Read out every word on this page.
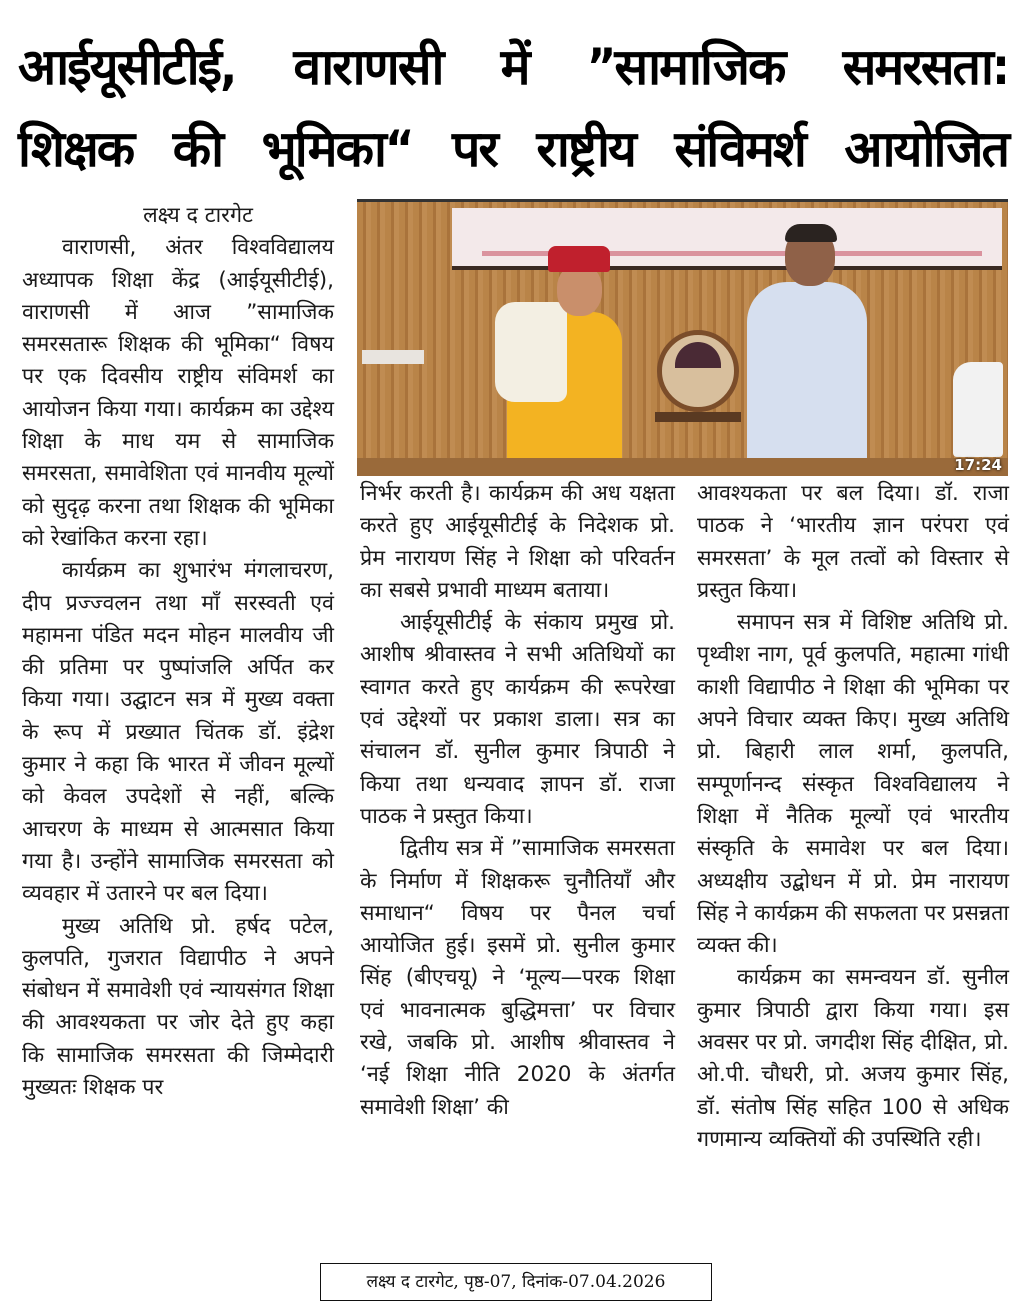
आईयूसीटीई, वाराणसी में ”सामाजिक समरसता:
शिक्षक की भूमिका“ पर राष्ट्रीय संविमर्श आयोजित

लक्ष्य द टारगेट

वाराणसी, अंतर विश्वविद्यालय अध्यापक शिक्षा केंद्र (आईयूसीटीई), वाराणसी में आज ”सामाजिक समरसतारू शिक्षक की भूमिका“ विषय पर एक दिवसीय राष्ट्रीय संविमर्श का आयोजन किया गया। कार्यक्रम का उद्देश्य शिक्षा के माध यम से सामाजिक समरसता, समावेशिता एवं मानवीय मूल्यों को सुदृढ़ करना तथा शिक्षक की भूमिका को रेखांकित करना रहा।

कार्यक्रम का शुभारंभ मंगलाचरण, दीप प्रज्ज्वलन तथा माँ सरस्वती एवं महामना पंडित मदन मोहन मालवीय जी की प्रतिमा पर पुष्पांजलि अर्पित कर किया गया। उद्घाटन सत्र में मुख्य वक्ता के रूप में प्रख्यात चिंतक डॉ. इंद्रेश कुमार ने कहा कि भारत में जीवन मूल्यों को केवल उपदेशों से नहीं, बल्कि आचरण के माध्यम से आत्मसात किया गया है। उन्होंने सामाजिक समरसता को व्यवहार में उतारने पर बल दिया।

मुख्य अतिथि प्रो. हर्षद पटेल, कुलपति, गुजरात विद्यापीठ ने अपने संबोधन में समावेशी एवं न्यायसंगत शिक्षा की आवश्यकता पर जोर देते हुए कहा कि सामाजिक समरसता की जिम्मेदारी मुख्यतः शिक्षक पर

17:24

निर्भर करती है। कार्यक्रम की अध यक्षता करते हुए आईयूसीटीई के निदेशक प्रो. प्रेम नारायण सिंह ने शिक्षा को परिवर्तन का सबसे प्रभावी माध्यम बताया।

आईयूसीटीई के संकाय प्रमुख प्रो. आशीष श्रीवास्तव ने सभी अतिथियों का स्वागत करते हुए कार्यक्रम की रूपरेखा एवं उद्देश्यों पर प्रकाश डाला। सत्र का संचालन डॉ. सुनील कुमार त्रिपाठी ने किया तथा धन्यवाद ज्ञापन डॉ. राजा पाठक ने प्रस्तुत किया।

द्वितीय सत्र में ”सामाजिक समरसता के निर्माण में शिक्षकरू चुनौतियाँ और समाधान“ विषय पर पैनल चर्चा आयोजित हुई। इसमें प्रो. सुनील कुमार सिंह (बीएचयू) ने ‘मूल्य—परक शिक्षा एवं भावनात्मक बुद्धिमत्ता’ पर विचार रखे, जबकि प्रो. आशीष श्रीवास्तव ने ‘नई शिक्षा नीति 2020 के अंतर्गत समावेशी शिक्षा’ की

आवश्यकता पर बल दिया। डॉ. राजा पाठक ने ‘भारतीय ज्ञान परंपरा एवं समरसता’ के मूल तत्वों को विस्तार से प्रस्तुत किया।

समापन सत्र में विशिष्ट अतिथि प्रो. पृथ्वीश नाग, पूर्व कुलपति, महात्मा गांधी काशी विद्यापीठ ने शिक्षा की भूमिका पर अपने विचार व्यक्त किए। मुख्य अतिथि प्रो. बिहारी लाल शर्मा, कुलपति, सम्पूर्णानन्द संस्कृत विश्वविद्यालय ने शिक्षा में नैतिक मूल्यों एवं भारतीय संस्कृति के समावेश पर बल दिया। अध्यक्षीय उद्बोधन में प्रो. प्रेम नारायण सिंह ने कार्यक्रम की सफलता पर प्रसन्नता व्यक्त की।

कार्यक्रम का समन्वयन डॉ. सुनील कुमार त्रिपाठी द्वारा किया गया। इस अवसर पर प्रो. जगदीश सिंह दीक्षित, प्रो. ओ.पी. चौधरी, प्रो. अजय कुमार सिंह, डॉ. संतोष सिंह सहित 100 से अधिक गणमान्य व्यक्तियों की उपस्थिति रही।

लक्ष्य द टारगेट, पृष्ठ-07, दिनांक-07.04.2026
